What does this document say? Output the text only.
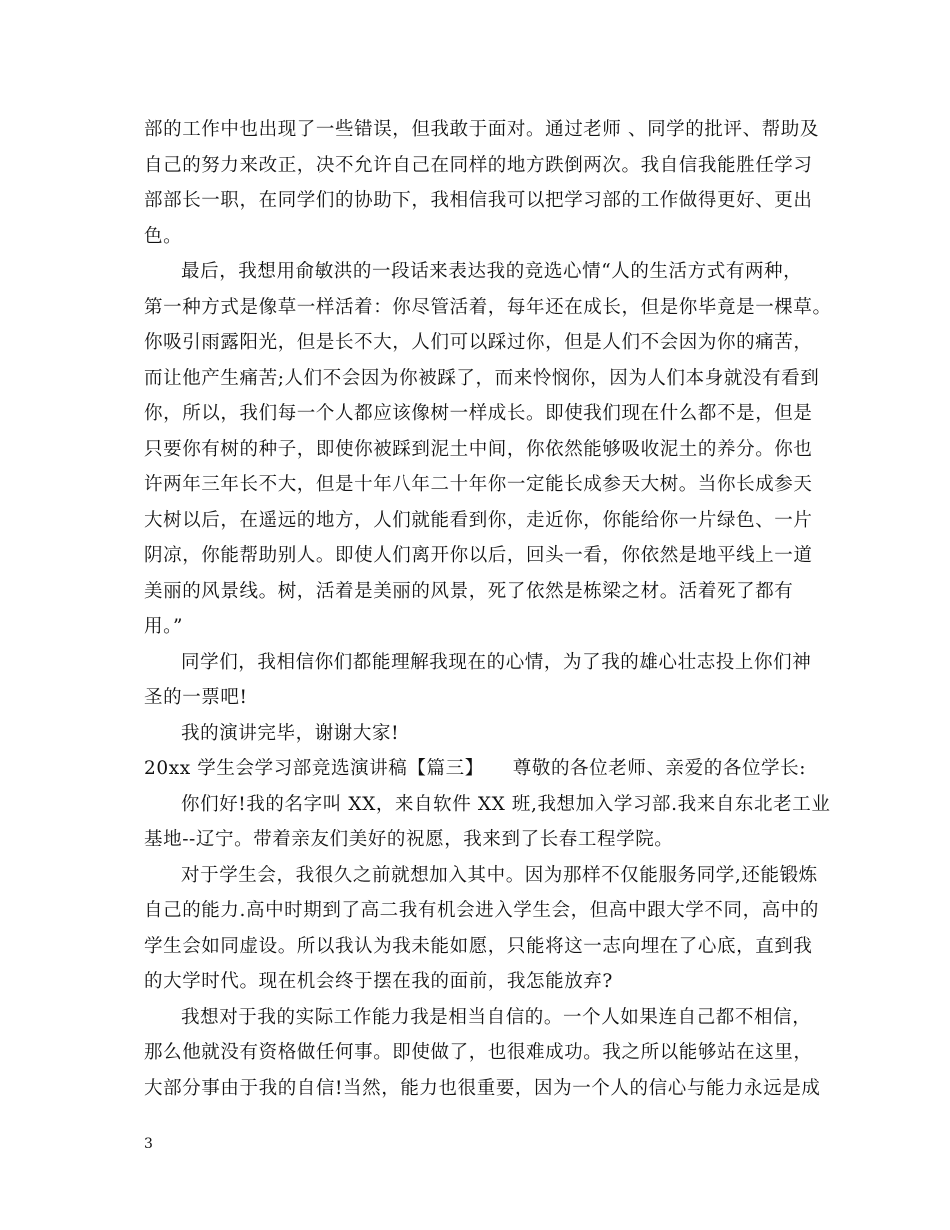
部的工作中也出现了一些错误，但我敢于面对。通过老师 、同学的批评、帮助及
自己的努力来改正，决不允许自己在同样的地方跌倒两次。我自信我能胜任学习
部部长一职，在同学们的协助下，我相信我可以把学习部的工作做得更好、更出
色。
最后，我想用俞敏洪的一段话来表达我的竞选心情“人的生活方式有两种，
第一种方式是像草一样活着：你尽管活着，每年还在成长，但是你毕竟是一棵草。
你吸引雨露阳光，但是长不大，人们可以踩过你，但是人们不会因为你的痛苦，
而让他产生痛苦;人们不会因为你被踩了，而来怜悯你，因为人们本身就没有看到
你，所以，我们每一个人都应该像树一样成长。即使我们现在什么都不是，但是
只要你有树的种子，即使你被踩到泥土中间，你依然能够吸收泥土的养分。你也
许两年三年长不大，但是十年八年二十年你一定能长成参天大树。当你长成参天
大树以后，在遥远的地方，人们就能看到你，走近你，你能给你一片绿色、一片
阴凉，你能帮助别人。即使人们离开你以后，回头一看，你依然是地平线上一道
美丽的风景线。树，活着是美丽的风景，死了依然是栋梁之材。活着死了都有
用。”
同学们，我相信你们都能理解我现在的心情，为了我的雄心壮志投上你们神
圣的一票吧!
我的演讲完毕，谢谢大家!
20xx 学生会学习部竞选演讲稿【篇三】　　尊敬的各位老师、亲爱的各位学长:
你们好!我的名字叫 XX，来自软件 XX 班,我想加入学习部.我来自东北老工业
基地--辽宁。带着亲友们美好的祝愿，我来到了长春工程学院。
对于学生会，我很久之前就想加入其中。因为那样不仅能服务同学,还能锻炼
自己的能力.高中时期到了高二我有机会进入学生会，但高中跟大学不同，高中的
学生会如同虚设。所以我认为我未能如愿，只能将这一志向埋在了心底，直到我
的大学时代。现在机会终于摆在我的面前，我怎能放弃?
我想对于我的实际工作能力我是相当自信的。一个人如果连自己都不相信，
那么他就没有资格做任何事。即使做了，也很难成功。我之所以能够站在这里，
大部分事由于我的自信!当然，能力也很重要，因为一个人的信心与能力永远是成
3
